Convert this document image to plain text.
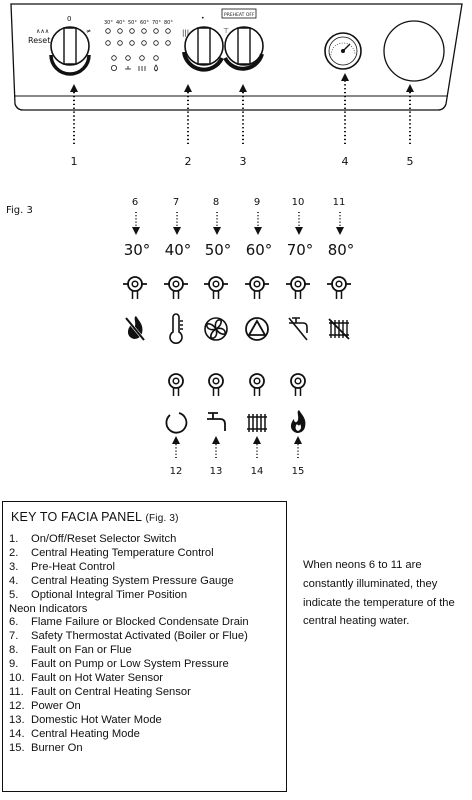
Reset
0
∧∧∧	≠
30° 40° 50° 60° 70° 80°
|||
•	PREHEAT OFF
⊤
1	2	3	4	5
Fig. 3
6	7	8	9	10	11
30° 40° 50° 60° 70° 80°
12	13	14	15
KEY TO FACIA PANEL (Fig. 3)
1. On/Off/Reset Selector Switch
2. Central Heating Temperature Control
3. Pre-Heat Control
4. Central Heating System Pressure Gauge
5. Optional Integral Timer Position
Neon Indicators
6. Flame Failure or Blocked Condensate Drain
7. Safety Thermostat Activated (Boiler or Flue)
8. Fault on Fan or Flue
9. Fault on Pump or Low System Pressure
10. Fault on Hot Water Sensor
11. Fault on Central Heating Sensor
12. Power On
13. Domestic Hot Water Mode
14. Central Heating Mode
15. Burner On
When neons 6 to 11 are constantly illuminated, they indicate the temperature of the central heating water.
